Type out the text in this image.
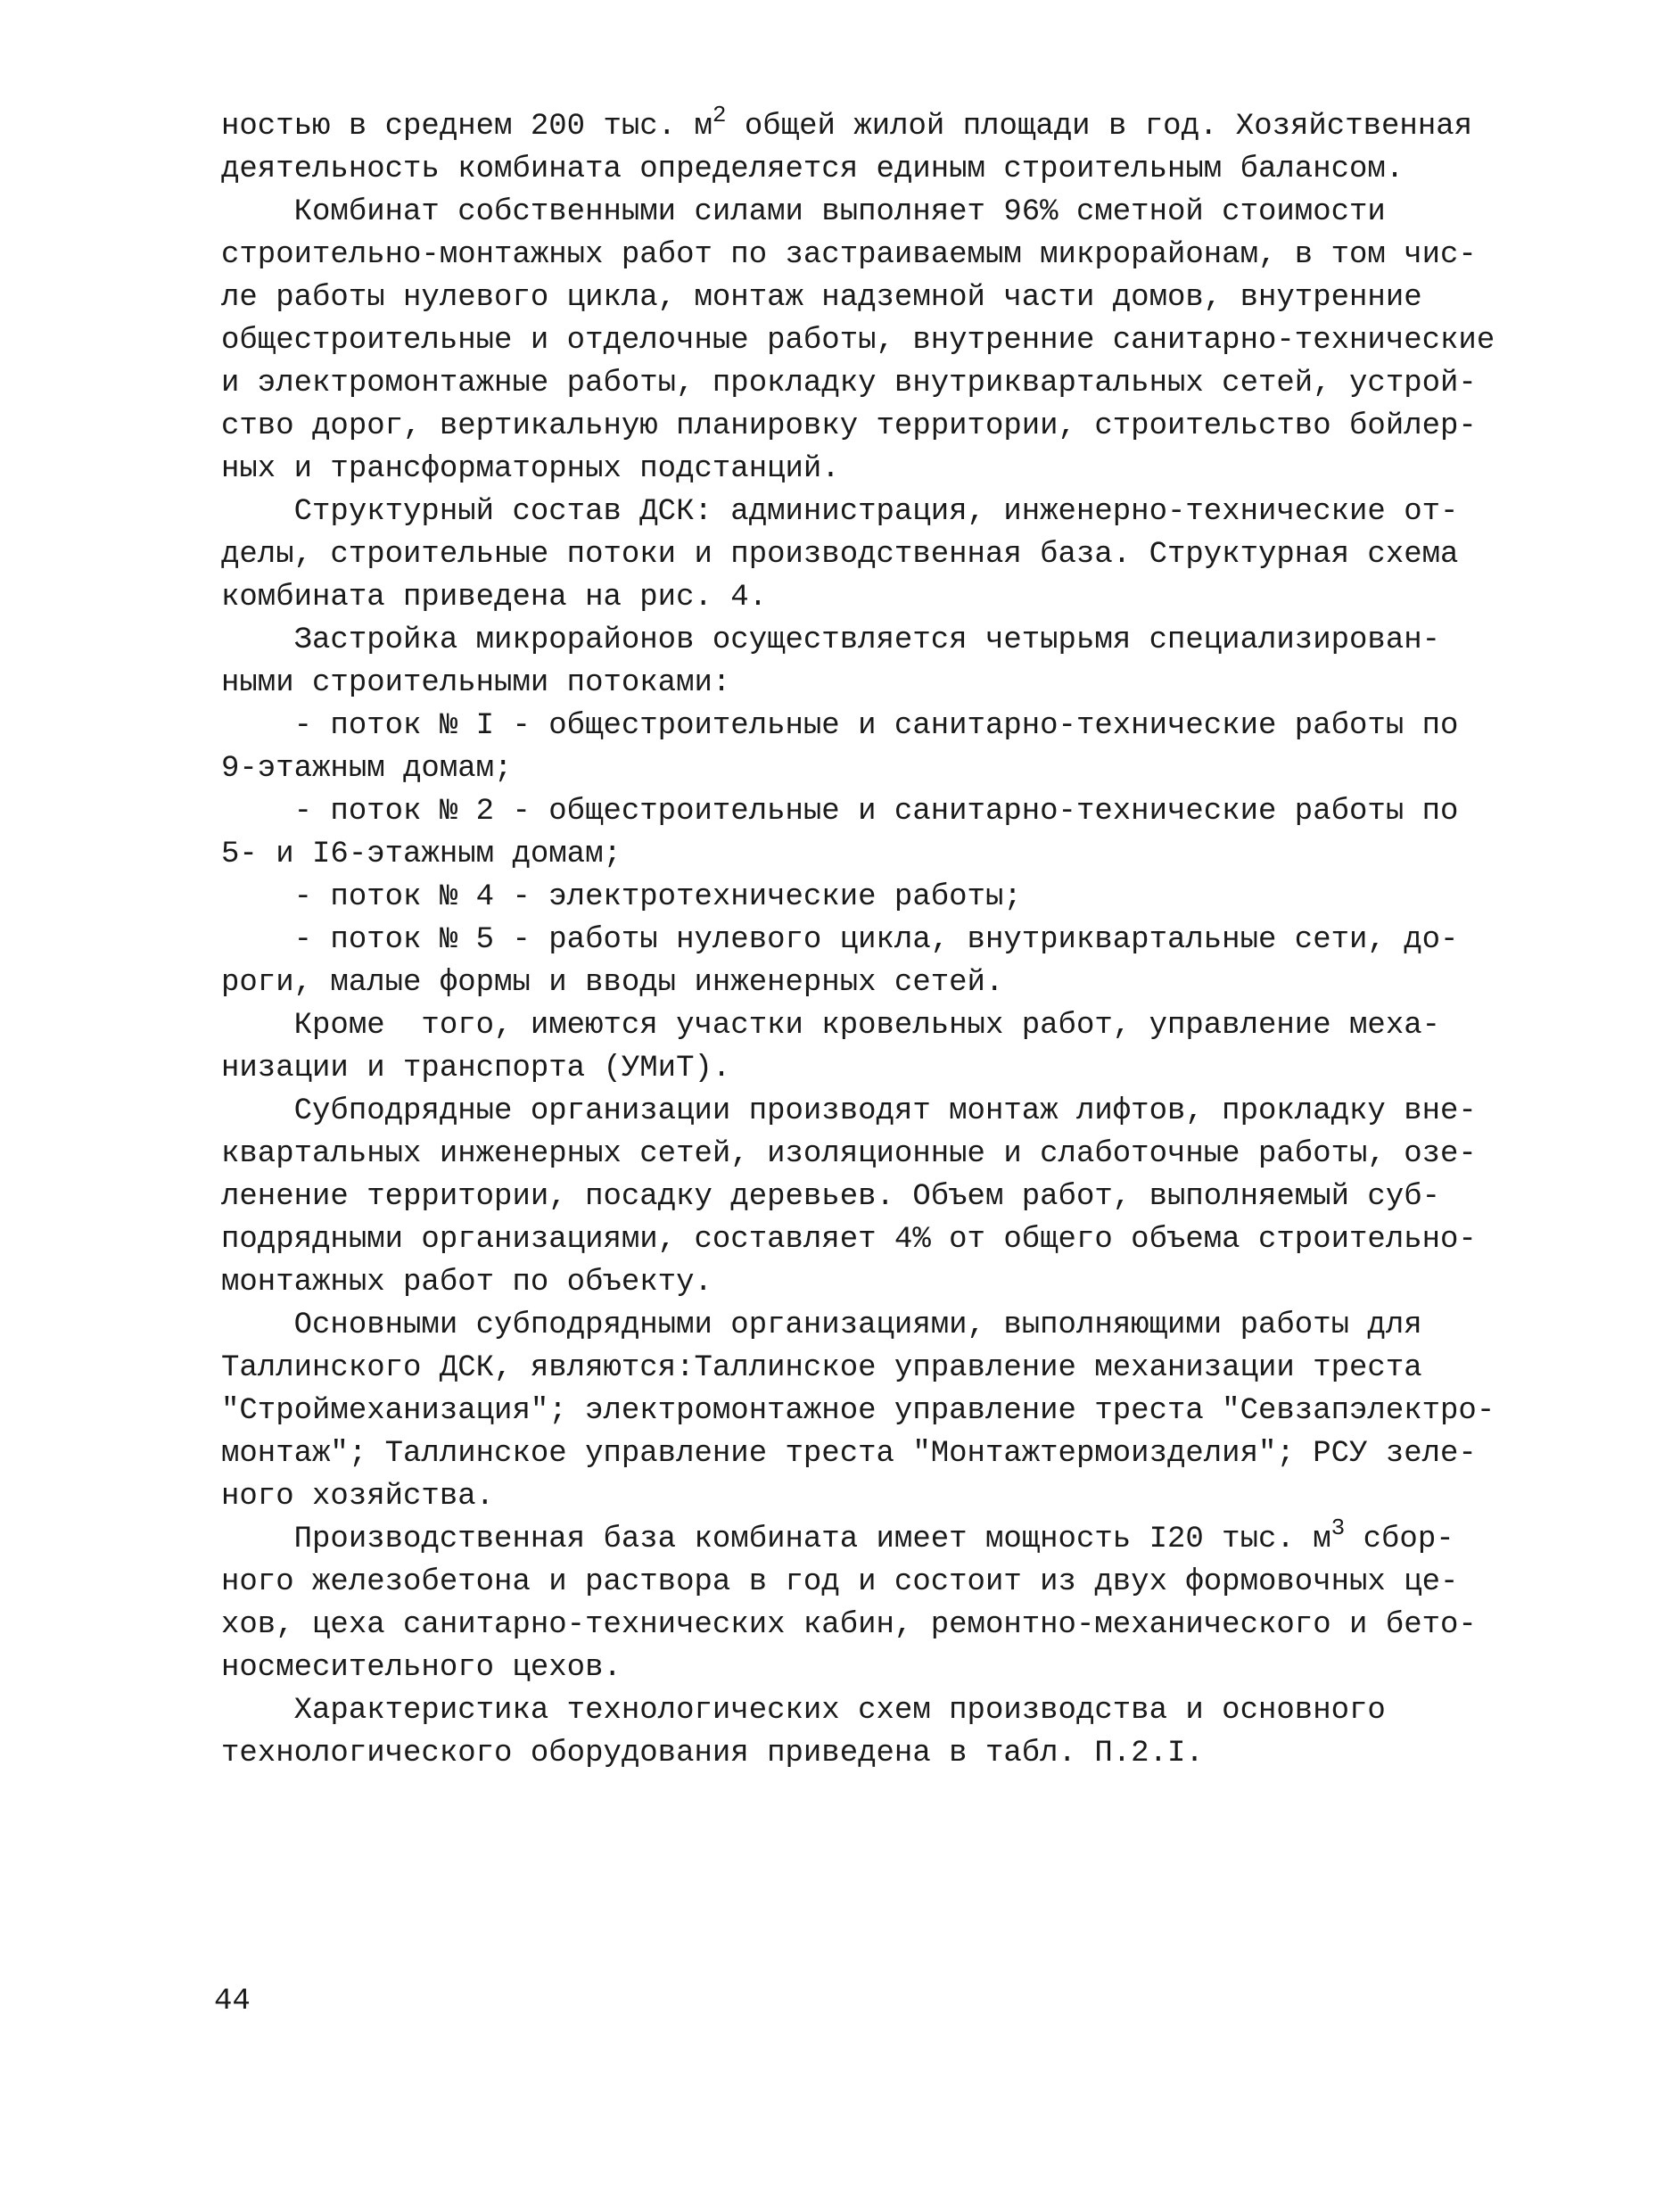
ностью в среднем 200 тыс. $м^2$ общей жилой площади в год. Хозяйственная
деятельность комбината определяется единым строительным балансом.
Комбинат собственными силами выполняет 96% сметной стоимости
строительно-монтажных работ по застраиваемым микрорайонам, в том чис-
ле работы нулевого цикла, монтаж надземной части домов, внутренние
общестроительные и отделочные работы, внутренние санитарно-технические
и электромонтажные работы, прокладку внутриквартальных сетей, устрой-
ство дорог, вертикальную планировку территории, строительство бойлер-
ных и трансформаторных подстанций.
Структурный состав ДСК: администрация, инженерно-технические от-
делы, строительные потоки и производственная база. Структурная схема
комбината приведена на рис. 4.
Застройка микрорайонов осуществляется четырьмя специализирован-
ными строительными потоками:
- поток № I - общестроительные и санитарно-технические работы по
9-этажным домам;
- поток № 2 - общестроительные и санитарно-технические работы по
5- и I6-этажным домам;
- поток № 4 - электротехнические работы;
- поток № 5 - работы нулевого цикла, внутриквартальные сети, до-
роги, малые формы и вводы инженерных сетей.
Кроме  того, имеются участки кровельных работ, управление меха-
низации и транспорта (УМиТ).
Субподрядные организации производят монтаж лифтов, прокладку вне-
квартальных инженерных сетей, изоляционные и слаботочные работы, озе-
ленение территории, посадку деревьев. Объем работ, выполняемый суб-
подрядными организациями, составляет 4% от общего объема строительно-
монтажных работ по объекту.
Основными субподрядными организациями, выполняющими работы для
Таллинского ДСК, являются:Таллинское управление механизации треста
"Строймеханизация"; электромонтажное управление треста "Севзапэлектро-
монтаж"; Таллинское управление треста "Монтажтермоизделия"; РСУ зеле-
ного хозяйства.
Производственная база комбината имеет мощность I20 тыс. $м^3$ сбор-
ного железобетона и раствора в год и состоит из двух формовочных це-
хов, цеха санитарно-технических кабин, ремонтно-механического и бето-
носмесительного цехов.
Характеристика технологических схем производства и основного
технологического оборудования приведена в табл. П.2.I.
44
